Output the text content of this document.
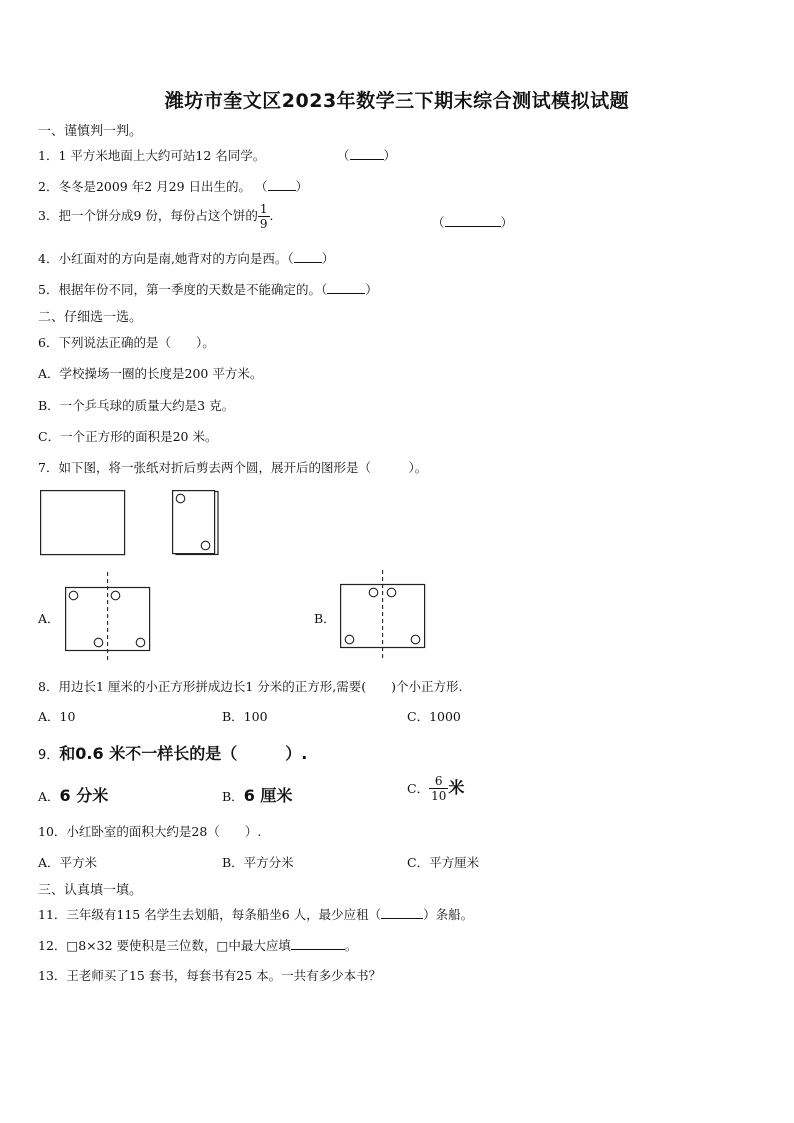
潍坊市奎文区2023年数学三下期末综合测试模拟试题
一、谨慎判一判。
1．1 平方米地面上大约可站12 名同学。	（	）
2．冬冬是2009 年2 月29 日出生的。 （ ）
3．把一个饼分成9 份，每份占这个饼的 $\frac{1}{9}$ .	（	）
4．小红面对的方向是南,她背对的方向是西。（ ）
5．根据年份不同，第一季度的天数是不能确定的。（	）
二、仔细选一选。
6．下列说法正确的是（　　）。
A．学校操场一圈的长度是200 平方米。
B．一个乒乓球的质量大约是3 克。
C．一个正方形的面积是20 米。
7．如下图，将一张纸对折后剪去两个圆，展开后的图形是（　　　）。
A．	B．
8．用边长1 厘米的小正方形拼成边长1 分米的正方形,需要(　　)个小正方形.
A．10	B．100	C．1000
9．和0.6 米不一样长的是（　　　）.
A．6 分米	B．6 厘米	C． $\frac{6}{10}$ 米
10．小红卧室的面积大约是28（　　）.
A．平方米	B．平方分米	C．平方厘米
三、认真填一填。
11．三年级有115 名学生去划船，每条船坐6 人，最少应租（	）条船。
12．□8×32 要使积是三位数，□中最大应填	。
13．王老师买了15 套书，每套书有25 本。一共有多少本书？
